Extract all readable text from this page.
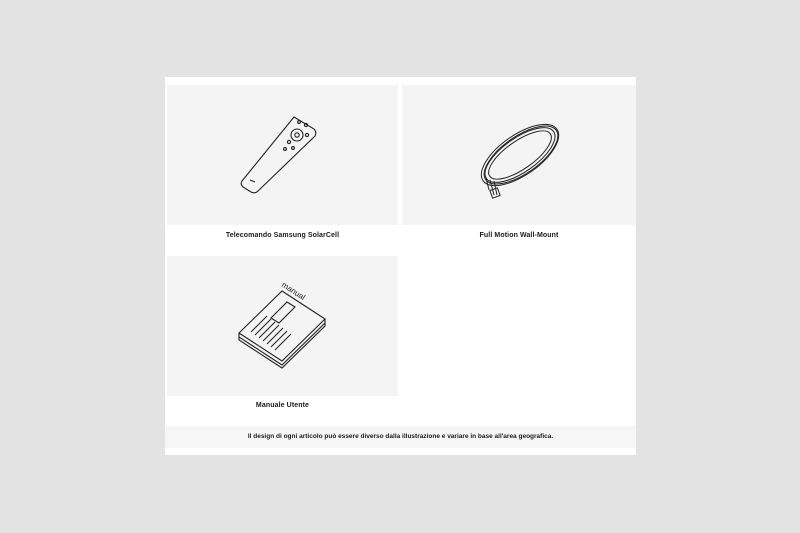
Telecomando Samsung SolarCell	Full Motion Wall-Mount
manual
Manuale Utente
Il design di ogni articolo può essere diverso dalla illustrazione e variare in base all'area geografica.
